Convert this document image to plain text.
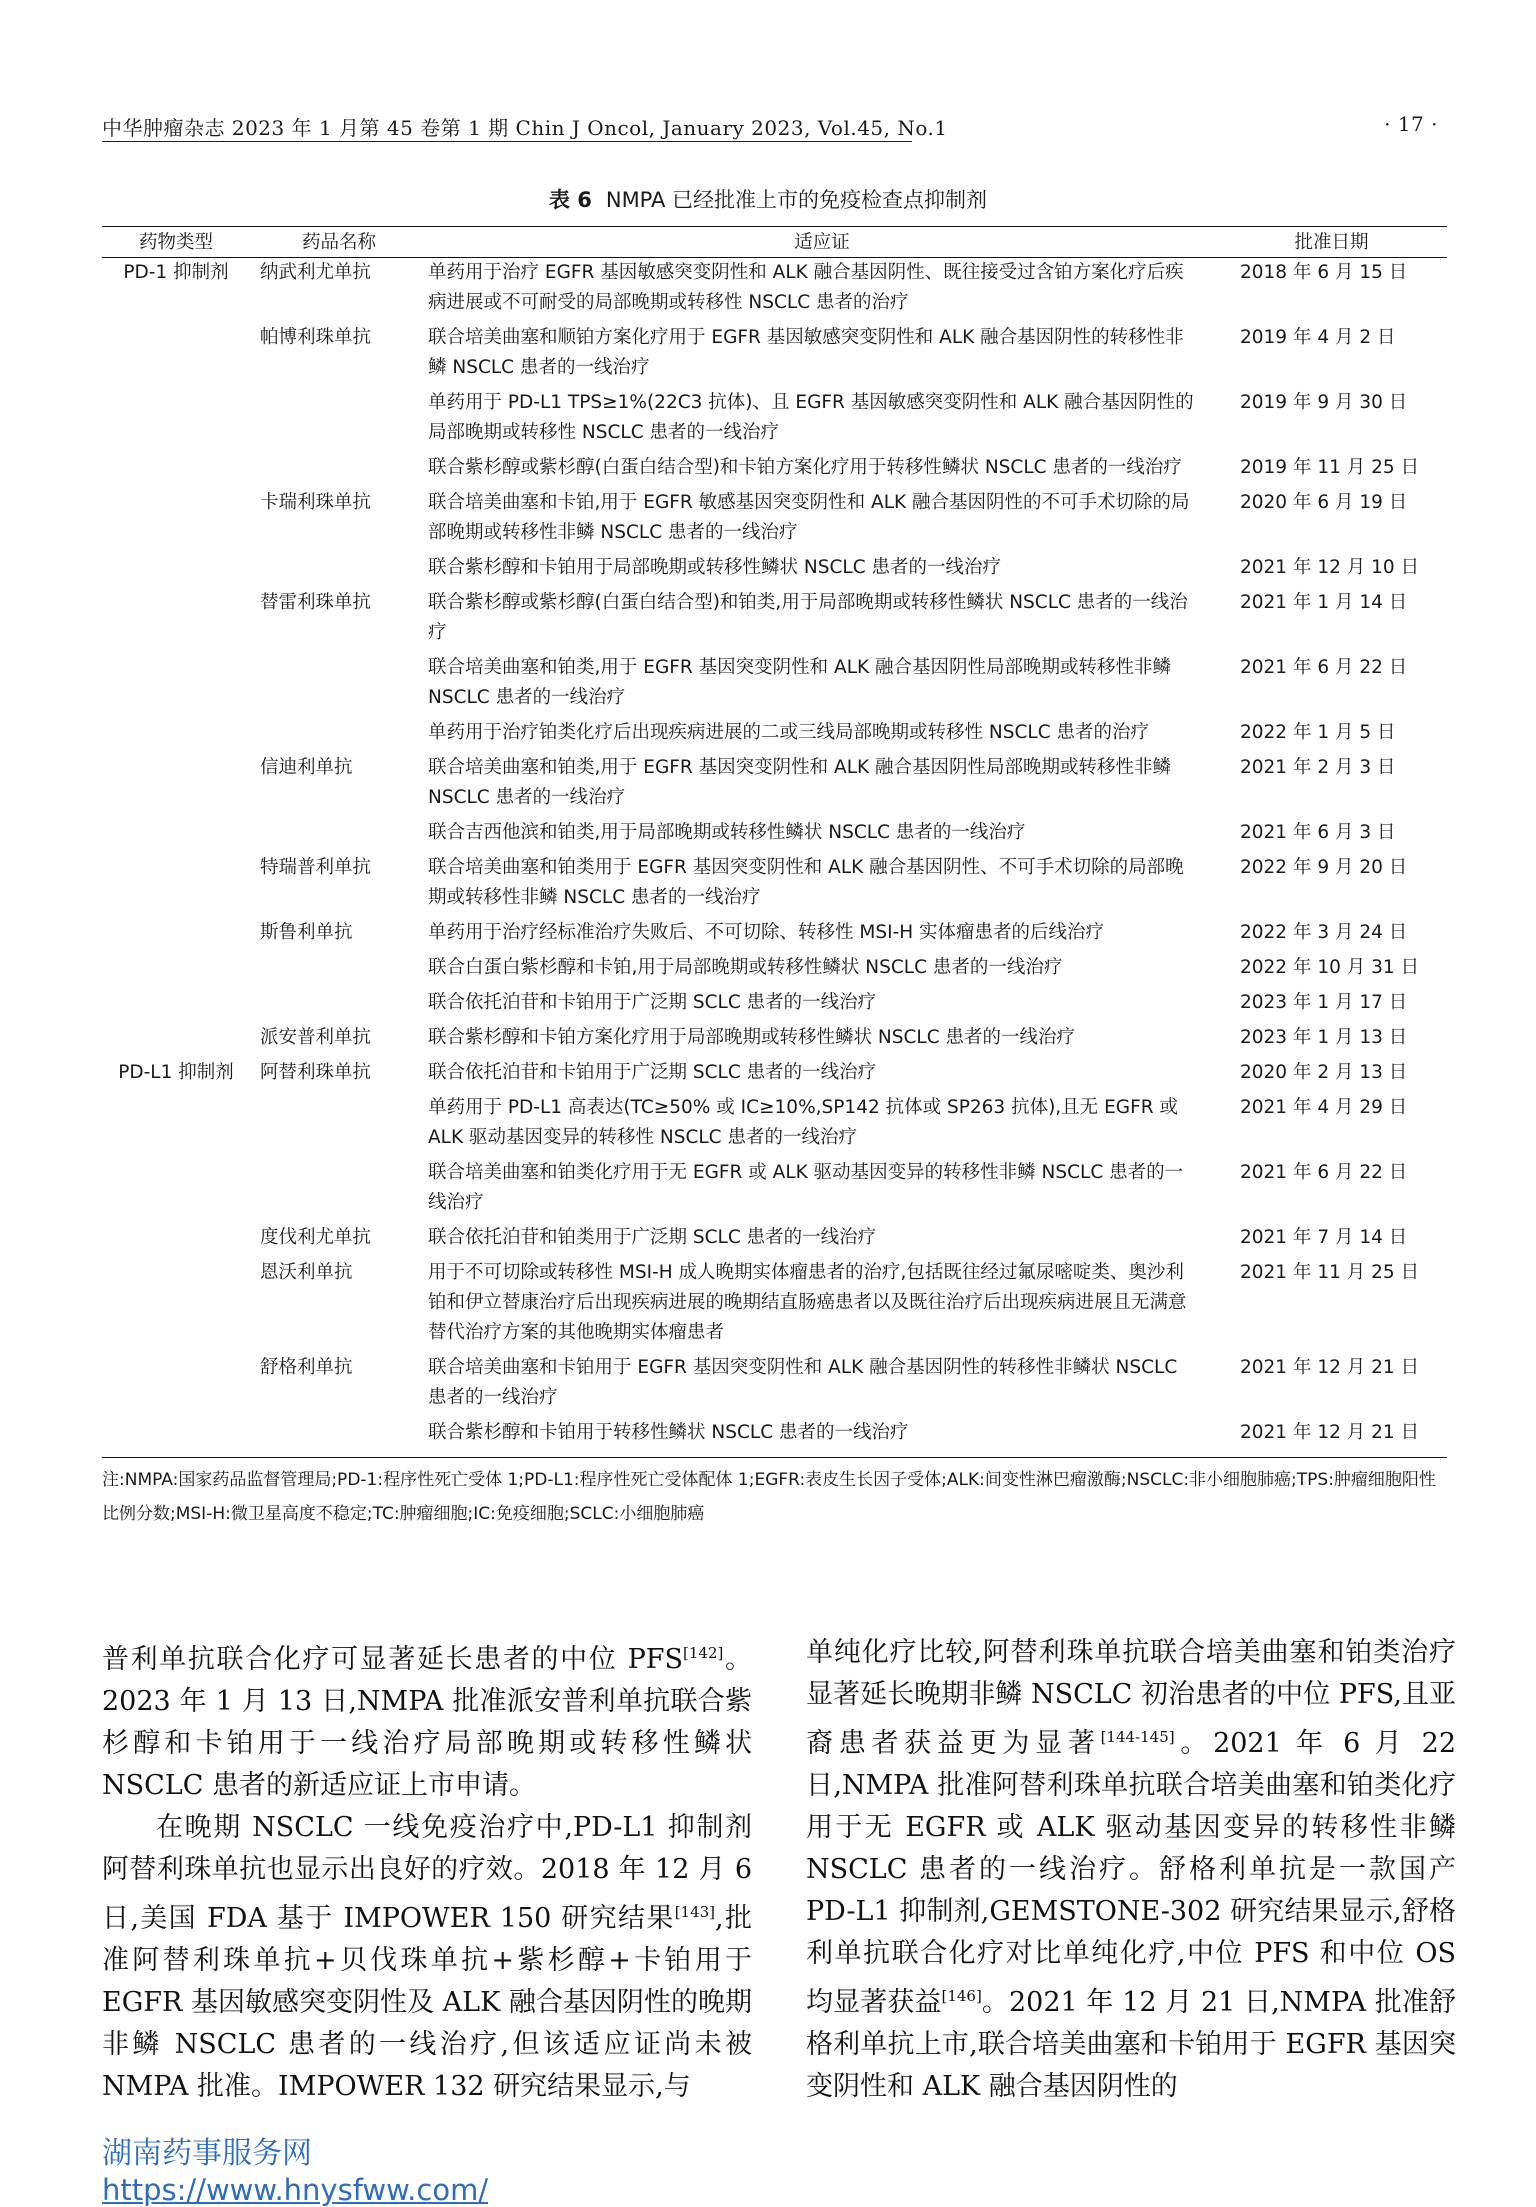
中华肿瘤杂志 2023 年 1 月第 45 卷第 1 期 Chin J Oncol, January 2023, Vol.45, No.1	· 17 ·
表 6 NMPA 已经批准上市的免疫检查点抑制剂
药物类型	药品名称	适应证	批准日期
PD-1 抑制剂	纳武利尤单抗	单药用于治疗 EGFR 基因敏感突变阴性和 ALK 融合基因阴性、既往接受过含铂方案化疗后疾病进展或不可耐受的局部晚期或转移性 NSCLC 患者的治疗	2018 年 6 月 15 日
	帕博利珠单抗	联合培美曲塞和顺铂方案化疗用于 EGFR 基因敏感突变阴性和 ALK 融合基因阴性的转移性非鳞 NSCLC 患者的一线治疗	2019 年 4 月 2 日
		单药用于 PD-L1 TPS≥1%(22C3 抗体)、且 EGFR 基因敏感突变阴性和 ALK 融合基因阴性的局部晚期或转移性 NSCLC 患者的一线治疗	2019 年 9 月 30 日
		联合紫杉醇或紫杉醇(白蛋白结合型)和卡铂方案化疗用于转移性鳞状 NSCLC 患者的一线治疗	2019 年 11 月 25 日
	卡瑞利珠单抗	联合培美曲塞和卡铂,用于 EGFR 敏感基因突变阴性和 ALK 融合基因阴性的不可手术切除的局部晚期或转移性非鳞 NSCLC 患者的一线治疗	2020 年 6 月 19 日
		联合紫杉醇和卡铂用于局部晚期或转移性鳞状 NSCLC 患者的一线治疗	2021 年 12 月 10 日
	替雷利珠单抗	联合紫杉醇或紫杉醇(白蛋白结合型)和铂类,用于局部晚期或转移性鳞状 NSCLC 患者的一线治疗	2021 年 1 月 14 日
		联合培美曲塞和铂类,用于 EGFR 基因突变阴性和 ALK 融合基因阴性局部晚期或转移性非鳞 NSCLC 患者的一线治疗	2021 年 6 月 22 日
		单药用于治疗铂类化疗后出现疾病进展的二或三线局部晚期或转移性 NSCLC 患者的治疗	2022 年 1 月 5 日
	信迪利单抗	联合培美曲塞和铂类,用于 EGFR 基因突变阴性和 ALK 融合基因阴性局部晚期或转移性非鳞 NSCLC 患者的一线治疗	2021 年 2 月 3 日
		联合吉西他滨和铂类,用于局部晚期或转移性鳞状 NSCLC 患者的一线治疗	2021 年 6 月 3 日
	特瑞普利单抗	联合培美曲塞和铂类用于 EGFR 基因突变阴性和 ALK 融合基因阴性、不可手术切除的局部晚期或转移性非鳞 NSCLC 患者的一线治疗	2022 年 9 月 20 日
	斯鲁利单抗	单药用于治疗经标准治疗失败后、不可切除、转移性 MSI-H 实体瘤患者的后线治疗	2022 年 3 月 24 日
		联合白蛋白紫杉醇和卡铂,用于局部晚期或转移性鳞状 NSCLC 患者的一线治疗	2022 年 10 月 31 日
		联合依托泊苷和卡铂用于广泛期 SCLC 患者的一线治疗	2023 年 1 月 17 日
	派安普利单抗	联合紫杉醇和卡铂方案化疗用于局部晚期或转移性鳞状 NSCLC 患者的一线治疗	2023 年 1 月 13 日
PD-L1 抑制剂	阿替利珠单抗	联合依托泊苷和卡铂用于广泛期 SCLC 患者的一线治疗	2020 年 2 月 13 日
		单药用于 PD-L1 高表达(TC≥50% 或 IC≥10%,SP142 抗体或 SP263 抗体),且无 EGFR 或 ALK 驱动基因变异的转移性 NSCLC 患者的一线治疗	2021 年 4 月 29 日
		联合培美曲塞和铂类化疗用于无 EGFR 或 ALK 驱动基因变异的转移性非鳞 NSCLC 患者的一线治疗	2021 年 6 月 22 日
	度伐利尤单抗	联合依托泊苷和铂类用于广泛期 SCLC 患者的一线治疗	2021 年 7 月 14 日
	恩沃利单抗	用于不可切除或转移性 MSI-H 成人晚期实体瘤患者的治疗,包括既往经过氟尿嘧啶类、奥沙利铂和伊立替康治疗后出现疾病进展的晚期结直肠癌患者以及既往治疗后出现疾病进展且无满意替代治疗方案的其他晚期实体瘤患者	2021 年 11 月 25 日
	舒格利单抗	联合培美曲塞和卡铂用于 EGFR 基因突变阴性和 ALK 融合基因阴性的转移性非鳞状 NSCLC 患者的一线治疗	2021 年 12 月 21 日
		联合紫杉醇和卡铂用于转移性鳞状 NSCLC 患者的一线治疗	2021 年 12 月 21 日
注:NMPA:国家药品监督管理局;PD-1:程序性死亡受体 1;PD-L1:程序性死亡受体配体 1;EGFR:表皮生长因子受体;ALK:间变性淋巴瘤激酶;NSCLC:非小细胞肺癌;TPS:肿瘤细胞阳性比例分数;MSI-H:微卫星高度不稳定;TC:肿瘤细胞;IC:免疫细胞;SCLC:小细胞肺癌

普利单抗联合化疗可显著延长患者的中位 PFS[142]。2023 年 1 月 13 日,NMPA 批准派安普利单抗联合紫杉醇和卡铂用于一线治疗局部晚期或转移性鳞状 NSCLC 患者的新适应证上市申请。

在晚期 NSCLC 一线免疫治疗中,PD-L1 抑制剂阿替利珠单抗也显示出良好的疗效。2018 年 12 月 6 日,美国 FDA 基于 IMPOWER 150 研究结果[143],批准阿替利珠单抗+贝伐珠单抗+紫杉醇+卡铂用于 EGFR 基因敏感突变阴性及 ALK 融合基因阴性的晚期非鳞 NSCLC 患者的一线治疗,但该适应证尚未被 NMPA 批准。IMPOWER 132 研究结果显示,与

单纯化疗比较,阿替利珠单抗联合培美曲塞和铂类治疗显著延长晚期非鳞 NSCLC 初治患者的中位 PFS,且亚裔患者获益更为显著[144-145]。2021 年 6 月 22 日,NMPA 批准阿替利珠单抗联合培美曲塞和铂类化疗用于无 EGFR 或 ALK 驱动基因变异的转移性非鳞 NSCLC 患者的一线治疗。舒格利单抗是一款国产 PD-L1 抑制剂,GEMSTONE-302 研究结果显示,舒格利单抗联合化疗对比单纯化疗,中位 PFS 和中位 OS 均显著获益[146]。2021 年 12 月 21 日,NMPA 批准舒格利单抗上市,联合培美曲塞和卡铂用于 EGFR 基因突变阴性和 ALK 融合基因阴性的

湖南药事服务网
https://www.hnysfww.com/
